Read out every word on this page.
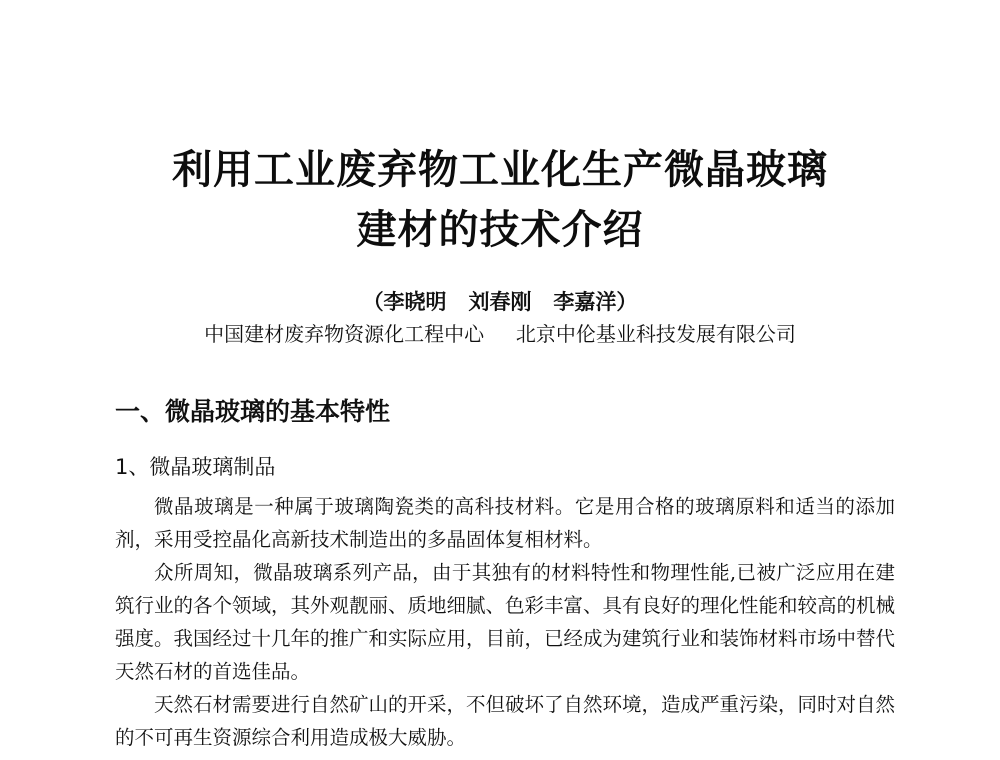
利用工业废弃物工业化生产微晶玻璃
建材的技术介绍
（李晓明   刘春刚   李嘉洋）
中国建材废弃物资源化工程中心     北京中伦基业科技发展有限公司
一、微晶玻璃的基本特性
1、微晶玻璃制品

微晶玻璃是一种属于玻璃陶瓷类的高科技材料。它是用合格的玻璃原料和适当的添加剂，采用受控晶化高新技术制造出的多晶固体复相材料。

众所周知，微晶玻璃系列产品，由于其独有的材料特性和物理性能,已被广泛应用在建筑行业的各个领域，其外观靓丽、质地细腻、色彩丰富、具有良好的理化性能和较高的机械强度。我国经过十几年的推广和实际应用，目前，已经成为建筑行业和装饰材料市场中替代天然石材的首选佳品。

天然石材需要进行自然矿山的开采，不但破坏了自然环境，造成严重污染，同时对自然的不可再生资源综合利用造成极大威胁。
